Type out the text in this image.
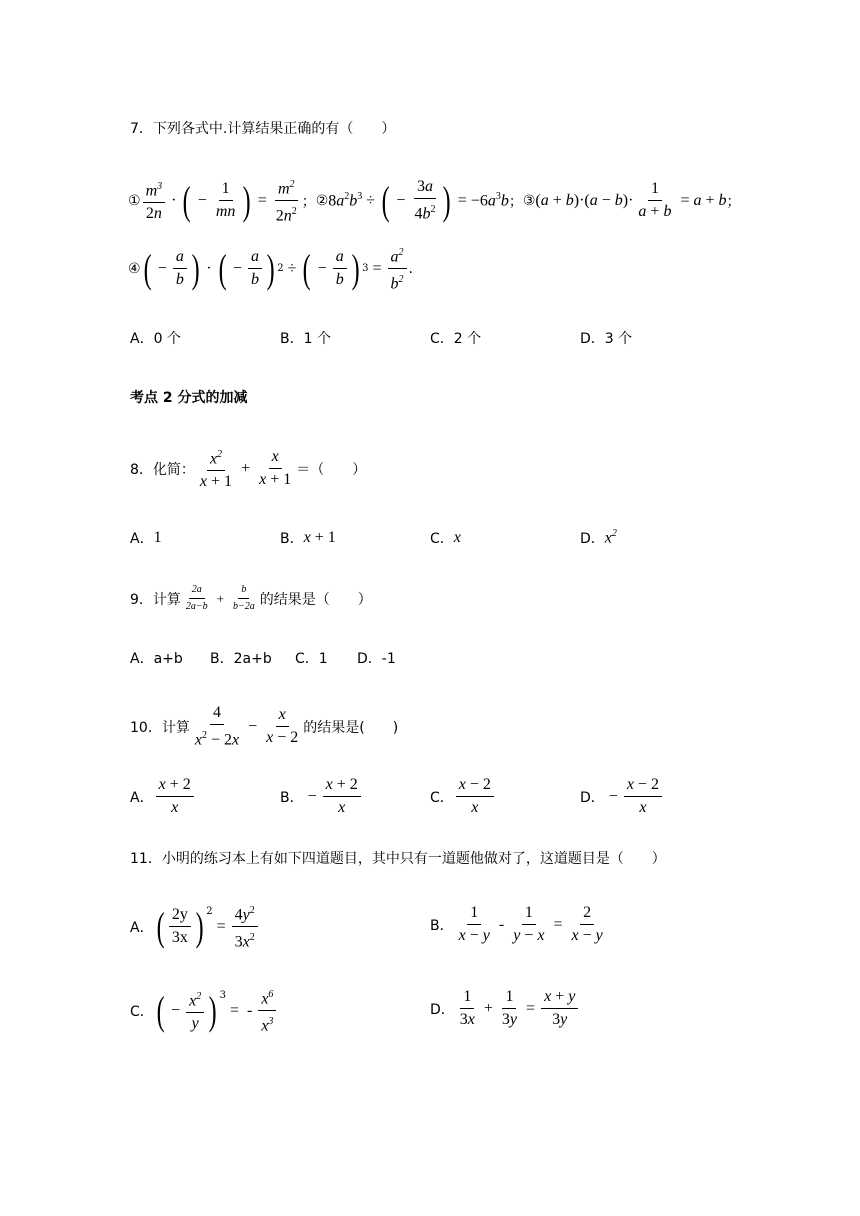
7．下列各式中.计算结果正确的有（　　）
① $\frac{m^3}{2n}$ · ( − $\frac{1}{mn}$ ) = $\frac{m^2}{2n^2}$ ； ② $8a^2b^3$ ÷ ( − $\frac{3a}{4b^2}$ ) = $-6a^3b$ ； ③ $(a + b)\cdot(a - b)\cdot \frac{1}{a + b} = a + b$ ；
④ ( − $\frac{a}{b}$ ) · ( − $\frac{a}{b}$ ) 2 ÷ ( − $\frac{a}{b}$ ) $3 = \frac{a^2}{b^2}$ .
A．0 个	B．1 个	C．2 个	D．3 个
考点 2 分式的加减
8．化简： $\frac{x^2}{x + 1} + \frac{x}{x + 1}$ ＝（　　）
A． 1	B． x + 1	C． x	D． $x^2$
9．计算 $\frac{2a}{2a-b} + \frac{b}{b-2a}$ 的结果是（　　）
A．a+b B．2a+b C．1 D．-1
10．计算 $\frac{4}{x^2 - 2x} - \frac{x}{x - 2}$ 的结果是(　　)
A． $\frac{x + 2}{x}$	B． − $\frac{x + 2}{x}$	C． $\frac{x - 2}{x}$	D． − $\frac{x - 2}{x}$
11．小明的练习本上有如下四道题目，其中只有一道题他做对了，这道题目是（　　）
A． ( $\frac{2y}{3x}$ ) $^2$
= $\frac{4y^2}{3x^2}$	B． $\frac{1}{x - y} - \frac{1}{y - x} = \frac{2}{x - y}$
C． ( − $\frac{x^2}{y}$ ) $^3$
= - $\frac{x^6}{x^3}$	D． $\frac{1}{3x} + \frac{1}{3y} = \frac{x + y}{3y}$
